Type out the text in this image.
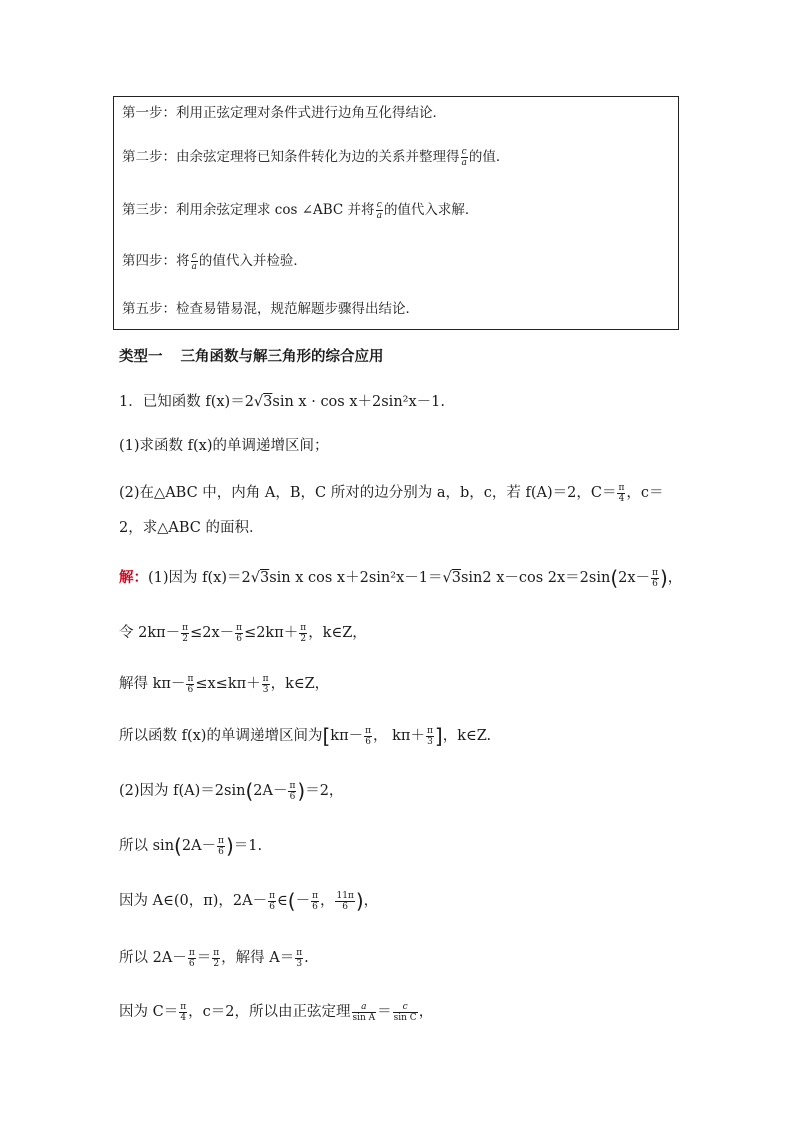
第一步：利用正弦定理对条件式进行边角互化得结论．
第二步：由余弦定理将已知条件转化为边的关系并整理得 $\frac{c}{a}$ 的值．
第三步：利用余弦定理求 cos ∠ABC 并将 $\frac{c}{a}$ 的值代入求解．
第四步：将 $\frac{c}{a}$ 的值代入并检验．
第五步：检查易错易混，规范解题步骤得出结论．
类型一 三角函数与解三角形的综合应用
1．已知函数 f(x)＝2√3sin x · cos x＋2sin²x－1.
(1)求函数 f(x)的单调递增区间；
(2)在△ABC 中，内角 A，B，C 所对的边分别为 a，b，c，若 f(A)＝2，$C= \frac{\pi}{4}$ ，c＝
2，求△ABC 的面积．
解：(1)因为 f(x)＝2√3sin x cos x＋2sin²x－1＝√3sin2 x－cos $2x=2\sin(2x- \frac{\pi}{6}$ )，
令 $2k\pi- \frac{\pi}{2} \le 2x- \frac{\pi}{6} \le 2k\pi+ \frac{\pi}{2}$ ，k∈Z，
解得 $k\pi- \frac{\pi}{6} \le x\le k\pi+ \frac{\pi}{3}$ ，k∈Z，
所以函数 f(x)的单调递增区间为[$k\pi- \frac{\pi}{6}$ ， $k\pi+ \frac{\pi}{3}$ ]，k∈Z.
(2)因为 $f(A)=2\sin(2A- \frac{\pi}{6} )=2$，
所以 $\sin(2A- \frac{\pi}{6} )=1$.
因为 A∈(0，π)，$2A- \frac{\pi}{6}$ ∈(－ $\frac{\pi}{6}$ ， $\frac{11\pi}{6}$ )，
所以 $2A- \frac{\pi}{6} = \frac{\pi}{2}$ ，解得 $A= \frac{\pi}{3}$ .
因为 $C= \frac{\pi}{4}$ ，c＝2，所以由正弦定理 $\frac{a}{\text{sin A}} = \frac{c}{\text{sin C}}$ ，
